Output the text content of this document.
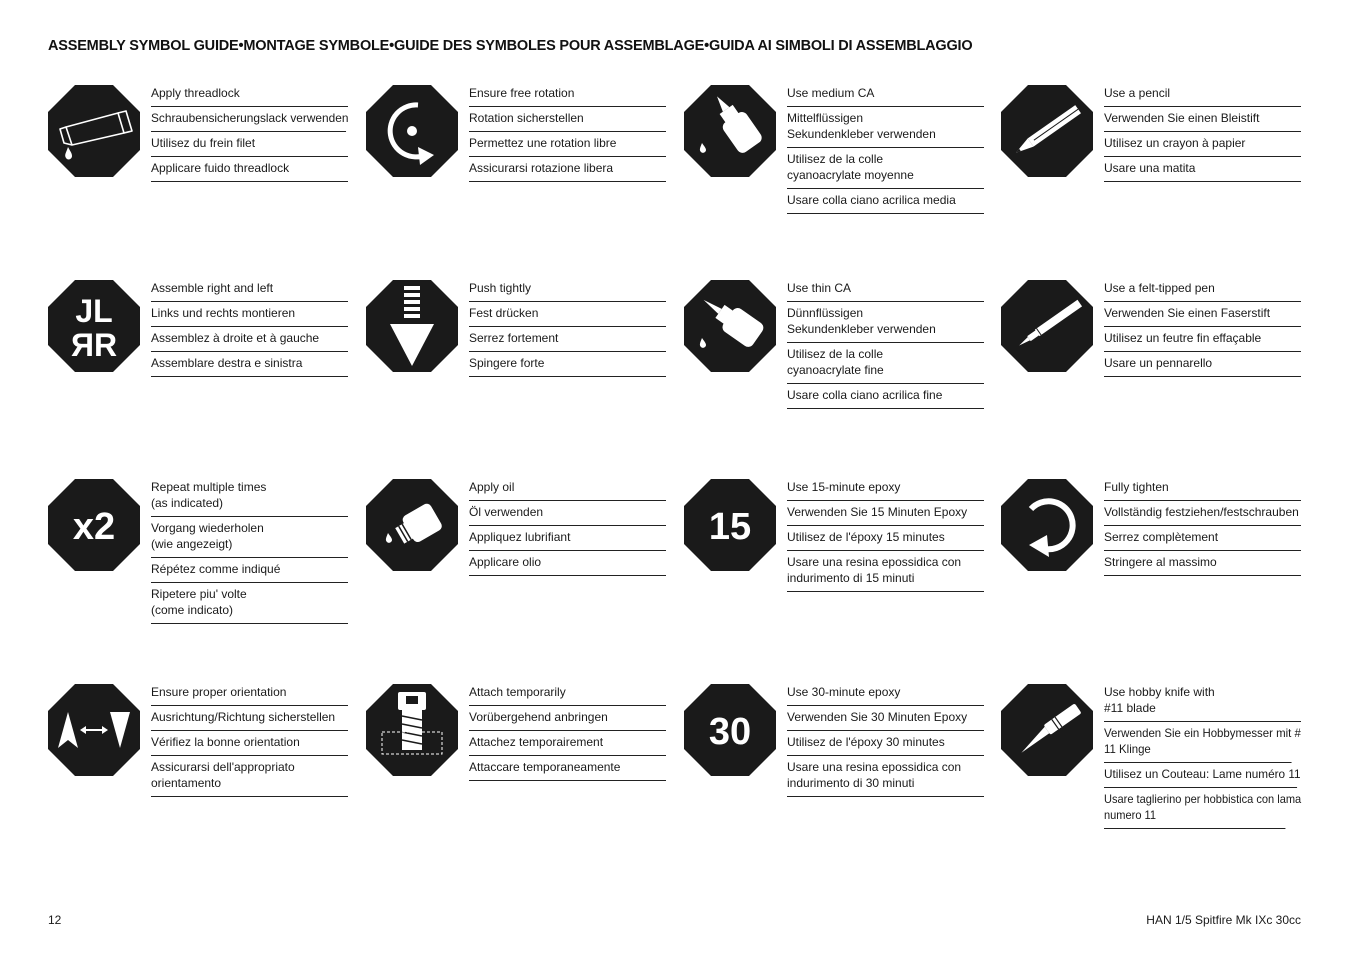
ASSEMBLY SYMBOL GUIDE•MONTAGE SYMBOLE•GUIDE DES SYMBOLES POUR ASSEMBLAGE•GUIDA AI SIMBOLI DI ASSEMBLAGGIO
Apply threadlock
Schraubensicherungslack verwenden
Utilisez du frein filet
Applicare fuido threadlock
Ensure free rotation
Rotation sicherstellen
Permettez une rotation libre
Assicurarsi rotazione libera
Use medium CA
Mittelflüssigen
Sekundenkleber verwenden
Utilisez de la colle
cyanoacrylate moyenne
Usare colla ciano acrilica media
Use a pencil
Verwenden Sie einen Bleistift
Utilisez un crayon à papier
Usare una matita
JL
ЯR
Assemble right and left
Links und rechts montieren
Assemblez à droite et à gauche
Assemblare destra e sinistra
Push tightly
Fest drücken
Serrez fortement
Spingere forte
Use thin CA
Dünnflüssigen
Sekundenkleber verwenden
Utilisez de la colle
cyanoacrylate fine
Usare colla ciano acrilica fine
Use a felt-tipped pen
Verwenden Sie einen Faserstift
Utilisez un feutre fin effaçable
Usare un pennarello
x2
Repeat multiple times
(as indicated)
Vorgang wiederholen
(wie angezeigt)
Répétez comme indiqué
Ripetere piu' volte
(come indicato)
Apply oil
Öl verwenden
Appliquez lubrifiant
Applicare olio
15
Use 15-minute epoxy
Verwenden Sie 15 Minuten Epoxy
Utilisez de l'époxy 15 minutes
Usare una resina epossidica con
indurimento di 15 minuti
Fully tighten
Vollständig festziehen/festschrauben
Serrez complètement
Stringere al massimo
Ensure proper orientation
Ausrichtung/Richtung sicherstellen
Vérifiez la bonne orientation
Assicurarsi dell'appropriato
orientamento
Attach temporarily
Vorübergehend anbringen
Attachez temporairement
Attaccare temporaneamente
30
Use 30-minute epoxy
Verwenden Sie 30 Minuten Epoxy
Utilisez de l'époxy 30 minutes
Usare una resina epossidica con
indurimento di 30 minuti
Use hobby knife with
#11 blade
Verwenden Sie ein Hobbymesser mit #
11 Klinge
Utilisez un Couteau: Lame numéro 11
Usare taglierino per hobbistica con lama
numero 11
12	HAN 1/5 Spitfire Mk IXc 30cc
